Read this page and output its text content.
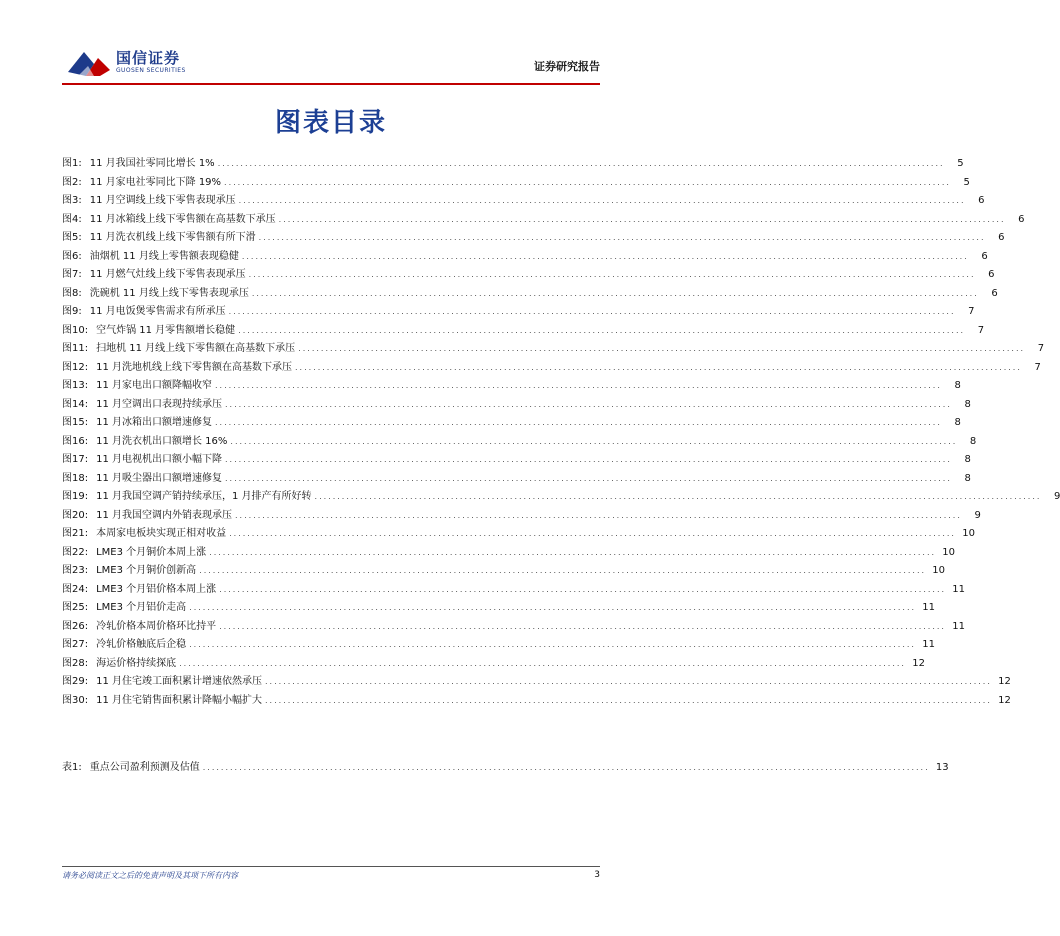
国信证券
GUOSEN SECURITIES	证券研究报告
图表目录
图1: 11 月我国社零同比增长 1% ................................................................................................................................................................	5
图2: 11 月家电社零同比下降 19% ................................................................................................................................................................	5
图3: 11 月空调线上线下零售表现承压 ................................................................................................................................................................	6
图4: 11 月冰箱线上线下零售额在高基数下承压 ................................................................................................................................................................	6
图5: 11 月洗衣机线上线下零售额有所下滑 ................................................................................................................................................................	6
图6: 油烟机 11 月线上零售额表现稳健 ................................................................................................................................................................	6
图7: 11 月燃气灶线上线下零售表现承压 ................................................................................................................................................................	6
图8: 洗碗机 11 月线上线下零售表现承压 ................................................................................................................................................................	6
图9: 11 月电饭煲零售需求有所承压 ................................................................................................................................................................	7
图10: 空气炸锅 11 月零售额增长稳健 ................................................................................................................................................................	7
图11: 扫地机 11 月线上线下零售额在高基数下承压 ................................................................................................................................................................	7
图12: 11 月洗地机线上线下零售额在高基数下承压 ................................................................................................................................................................	7
图13: 11 月家电出口额降幅收窄 ................................................................................................................................................................	8
图14: 11 月空调出口表现持续承压 ................................................................................................................................................................	8
图15: 11 月冰箱出口额增速修复 ................................................................................................................................................................	8
图16: 11 月洗衣机出口额增长 16% ................................................................................................................................................................	8
图17: 11 月电视机出口额小幅下降 ................................................................................................................................................................	8
图18: 11 月吸尘器出口额增速修复 ................................................................................................................................................................	8
图19: 11 月我国空调产销持续承压，1 月排产有所好转 ................................................................................................................................................................	9
图20: 11 月我国空调内外销表现承压 ................................................................................................................................................................	9
图21: 本周家电板块实现正相对收益 ................................................................................................................................................................ 10
图22: LME3 个月铜价本周上涨 ................................................................................................................................................................ 10
图23: LME3 个月铜价创新高 ................................................................................................................................................................ 10
图24: LME3 个月铝价格本周上涨 ................................................................................................................................................................ 11
图25: LME3 个月铝价走高 ................................................................................................................................................................ 11
图26: 冷轧价格本周价格环比持平 ................................................................................................................................................................ 11
图27: 冷轧价格触底后企稳 ................................................................................................................................................................ 11
图28: 海运价格持续探底 ................................................................................................................................................................ 12
图29: 11 月住宅竣工面积累计增速依然承压 ................................................................................................................................................................ 12
图30: 11 月住宅销售面积累计降幅小幅扩大 ................................................................................................................................................................ 12
表1: 重点公司盈利预测及估值 ................................................................................................................................................................ 13
请务必阅读正文之后的免责声明及其项下所有内容	3
